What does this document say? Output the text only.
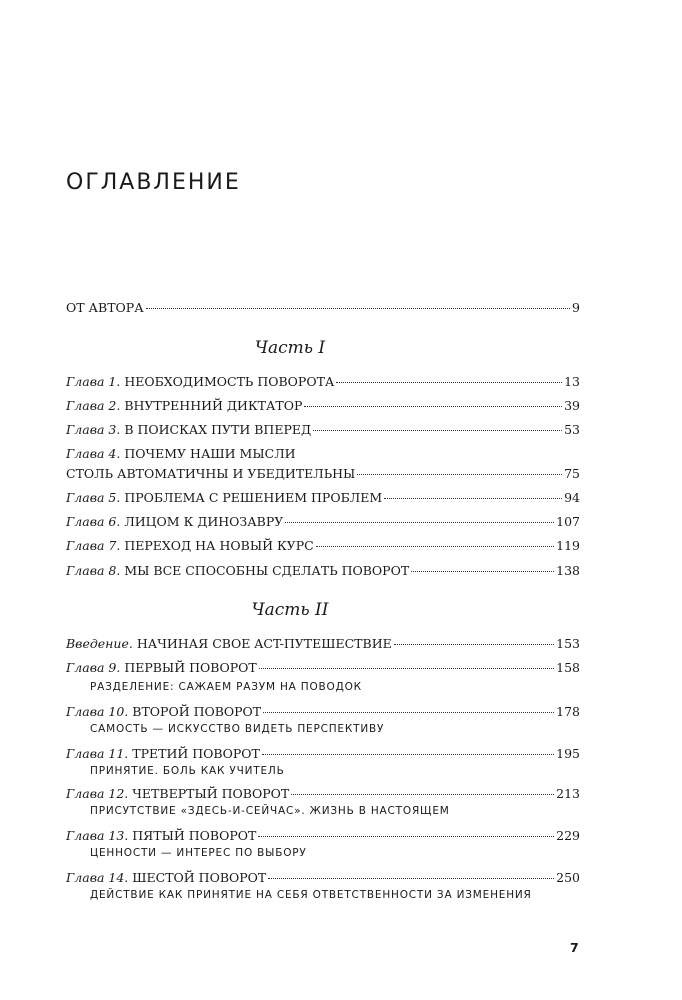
ОГЛАВЛЕНИЕ
ОТ АВТОРА	9
Часть I
Глава 1. НЕОБХОДИМОСТЬ ПОВОРОТА	13
Глава 2. ВНУТРЕННИЙ ДИКТАТОР	39
Глава 3. В ПОИСКАХ ПУТИ ВПЕРЕД	53
Глава 4. ПОЧЕМУ НАШИ МЫСЛИ
СТОЛЬ АВТОМАТИЧНЫ И УБЕДИТЕЛЬНЫ	75
Глава 5. ПРОБЛЕМА С РЕШЕНИЕМ ПРОБЛЕМ	94
Глава 6. ЛИЦОМ К ДИНОЗАВРУ	107
Глава 7. ПЕРЕХОД НА НОВЫЙ КУРС	119
Глава 8. МЫ ВСЕ СПОСОБНЫ СДЕЛАТЬ ПОВОРОТ	138
Часть II
Введение. НАЧИНАЯ СВОЕ ACT-ПУТЕШЕСТВИЕ	153
Глава 9. ПЕРВЫЙ ПОВОРОТ	158
РАЗДЕЛЕНИЕ: САЖАЕМ РАЗУМ НА ПОВОДОК
Глава 10. ВТОРОЙ ПОВОРОТ	178
САМОСТЬ — ИСКУССТВО ВИДЕТЬ ПЕРСПЕКТИВУ
Глава 11. ТРЕТИЙ ПОВОРОТ	195
ПРИНЯТИЕ. БОЛЬ КАК УЧИТЕЛЬ
Глава 12. ЧЕТВЕРТЫЙ ПОВОРОТ	213
ПРИСУТСТВИЕ «ЗДЕСЬ-И-СЕЙЧАС». ЖИЗНЬ В НАСТОЯЩЕМ
Глава 13. ПЯТЫЙ ПОВОРОТ	229
ЦЕННОСТИ — ИНТЕРЕС ПО ВЫБОРУ
Глава 14. ШЕСТОЙ ПОВОРОТ	250
ДЕЙСТВИЕ КАК ПРИНЯТИЕ НА СЕБЯ ОТВЕТСТВЕННОСТИ ЗА ИЗМЕНЕНИЯ
7
